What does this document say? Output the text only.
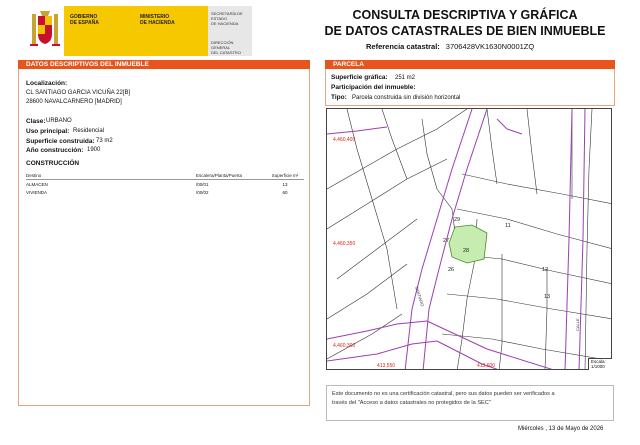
GOBIERNO
DE ESPAÑA
MINISTERIO
DE HACIENDA
SECRETARÍA DE ESTADO
DE HACIENDA
DIRECCIÓN GENERAL
DEL CATASTRO
CONSULTA DESCRIPTIVA Y GRÁFICA
DE DATOS CATASTRALES DE BIEN INMUEBLE
Referencia catastral: 3706428VK1630N0001ZQ
DATOS DESCRIPTIVOS DEL INMUEBLE
Localización:
CL SANTIAGO GARCIA VICUÑA 22[B]
28600 NAVALCARNERO [MADRID]
Clase: URBANO
Uso principal: Residencial
Superficie construida: 73 m2
Año construcción: 1900
CONSTRUCCIÓN
Destino	Escalera/Planta/Puerta	Superficie m²
ALMACEN	/00/01	13
VIVIENDA	/00/02	60
PARCELA
Superficie gráfica: 251 m2
Participación del inmueble:
Tipo: Parcela construida sin división horizontal
4,460,400
4,460,350
4,460,300
413,550	413,600
11
29
28
26	12
13
27
SANTIAGO
CALLE
Escala:
1/1000
Este documento no es una certificación catastral, pero sus datos pueden ser verificados a
través del "Acceso a datos catastrales no protegidos de la SEC"
Miércoles , 13 de Mayo de 2026
